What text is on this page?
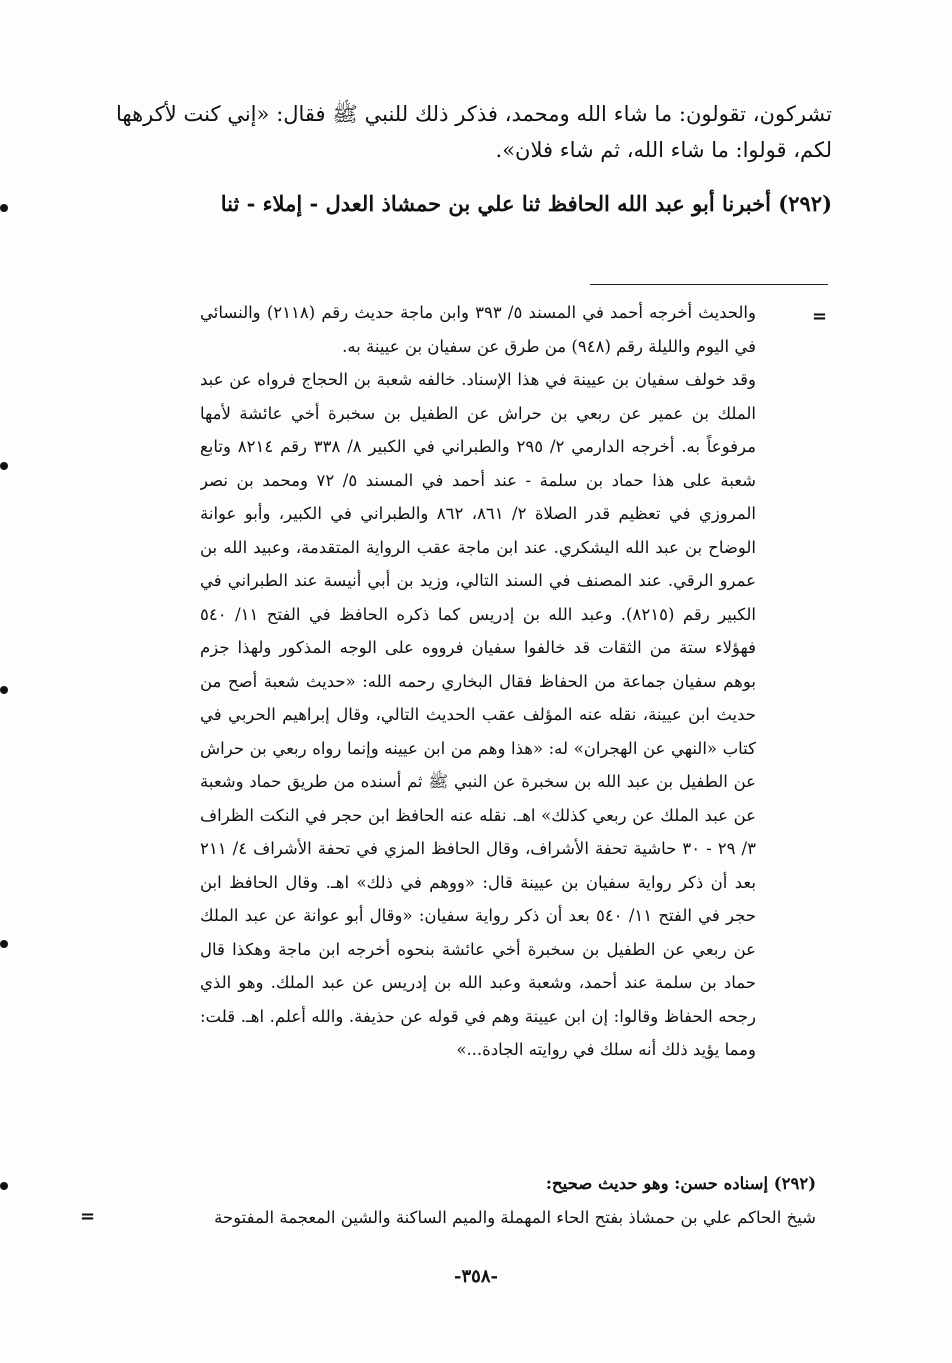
تشركون، تقولون: ما شاء الله ومحمد، فذكر ذلك للنبي ﷺ فقال: «إني كنت لأكرهها لكم، قولوا: ما شاء الله، ثم شاء فلان».

(٢٩٢) أخبرنا أبو عبد الله الحافظ ثنا علي بن حمشاذ العدل - إملاء - ثنا

=

والحديث أخرجه أحمد في المسند ٥/ ٣٩٣ وابن ماجة حديث رقم (٢١١٨) والنسائي في اليوم والليلة رقم (٩٤٨) من طرق عن سفيان بن عيينة به.

وقد خولف سفيان بن عيينة في هذا الإسناد. خالفه شعبة بن الحجاج فرواه عن عبد الملك بن عمير عن ربعي بن حراش عن الطفيل بن سخبرة أخي عائشة لأمها مرفوعاً به. أخرجه الدارمي ٢/ ٢٩٥ والطبراني في الكبير ٨/ ٣٣٨ رقم ٨٢١٤ وتابع شعبة على هذا حماد بن سلمة - عند أحمد في المسند ٥/ ٧٢ ومحمد بن نصر المروزي في تعظيم قدر الصلاة ٢/ ٨٦١، ٨٦٢ والطبراني في الكبير، وأبو عوانة الوضاح بن عبد الله اليشكري. عند ابن ماجة عقب الرواية المتقدمة، وعبيد الله بن عمرو الرقي. عند المصنف في السند التالي، وزيد بن أبي أنيسة عند الطبراني في الكبير رقم (٨٢١٥). وعبد الله بن إدريس كما ذكره الحافظ في الفتح ١١/ ٥٤٠ فهؤلاء ستة من الثقات قد خالفوا سفيان فرووه على الوجه المذكور ولهذا جزم بوهم سفيان جماعة من الحفاظ فقال البخاري رحمه الله: «حديث شعبة أصح من حديث ابن عيينة، نقله عنه المؤلف عقب الحديث التالي، وقال إبراهيم الحربي في كتاب «النهي عن الهجران» له: «هذا وهم من ابن عيينه وإنما رواه ربعي بن حراش عن الطفيل بن عبد الله بن سخبرة عن النبي ﷺ ثم أسنده من طريق حماد وشعبة عن عبد الملك عن ربعي كذلك» اهـ. نقله عنه الحافظ ابن حجر في النكت الظراف ٣/ ٢٩ - ٣٠ حاشية تحفة الأشراف، وقال الحافظ المزي في تحفة الأشراف ٤/ ٢١١ بعد أن ذكر رواية سفيان بن عيينة قال: «ووهم في ذلك» اهـ. وقال الحافظ ابن حجر في الفتح ١١/ ٥٤٠ بعد أن ذكر رواية سفيان: «وقال أبو عوانة عن عبد الملك عن ربعي عن الطفيل بن سخبرة أخي عائشة بنحوه أخرجه ابن ماجة وهكذا قال حماد بن سلمة عند أحمد، وشعبة وعبد الله بن إدريس عن عبد الملك. وهو الذي رجحه الحفاظ وقالوا: إن ابن عيينة وهم في قوله عن حذيفة. والله أعلم. اهـ. قلت: ومما يؤيد ذلك أنه سلك في روايته الجادة...»

(٢٩٢) إسناده حسن: وهو حديث صحيح:

شيخ الحاكم علي بن حمشاذ بفتح الحاء المهملة والميم الساكنة والشين المعجمة المفتوحة

=
-٣٥٨-
